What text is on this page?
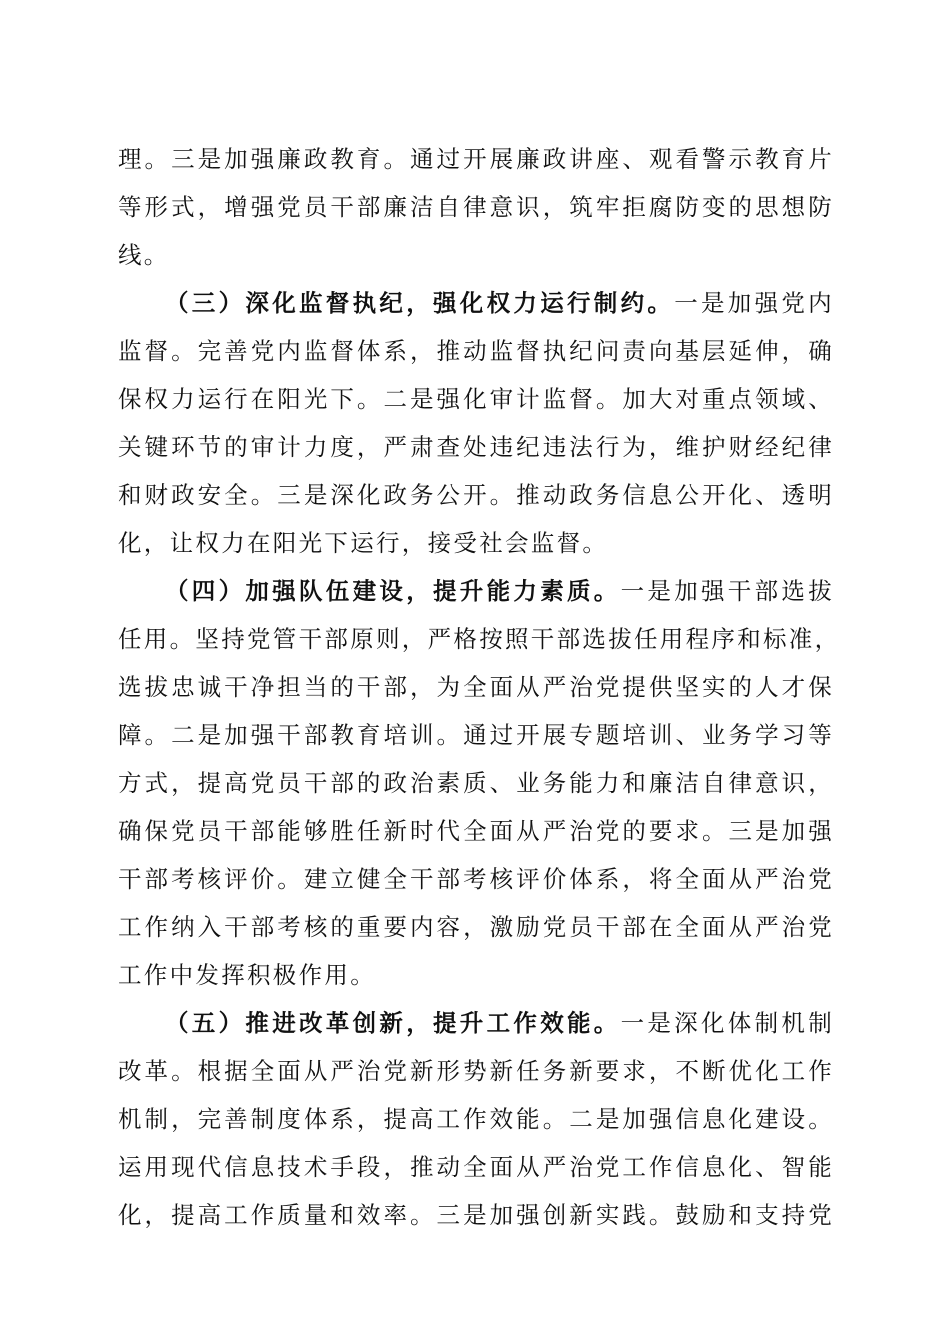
理。三是加强廉政教育。通过开展廉政讲座、观看警示教育片
等形式，增强党员干部廉洁自律意识，筑牢拒腐防变的思想防
线。
（三）深化监督执纪，强化权力运行制约。一是加强党内
监督。完善党内监督体系，推动监督执纪问责向基层延伸，确
保权力运行在阳光下。二是强化审计监督。加大对重点领域、
关键环节的审计力度，严肃查处违纪违法行为，维护财经纪律
和财政安全。三是深化政务公开。推动政务信息公开化、透明
化，让权力在阳光下运行，接受社会监督。
（四）加强队伍建设，提升能力素质。一是加强干部选拔
任用。坚持党管干部原则，严格按照干部选拔任用程序和标准，
选拔忠诚干净担当的干部，为全面从严治党提供坚实的人才保
障。二是加强干部教育培训。通过开展专题培训、业务学习等
方式，提高党员干部的政治素质、业务能力和廉洁自律意识，
确保党员干部能够胜任新时代全面从严治党的要求。三是加强
干部考核评价。建立健全干部考核评价体系，将全面从严治党
工作纳入干部考核的重要内容，激励党员干部在全面从严治党
工作中发挥积极作用。
（五）推进改革创新，提升工作效能。一是深化体制机制
改革。根据全面从严治党新形势新任务新要求，不断优化工作
机制，完善制度体系，提高工作效能。二是加强信息化建设。
运用现代信息技术手段，推动全面从严治党工作信息化、智能
化，提高工作质量和效率。三是加强创新实践。鼓励和支持党
